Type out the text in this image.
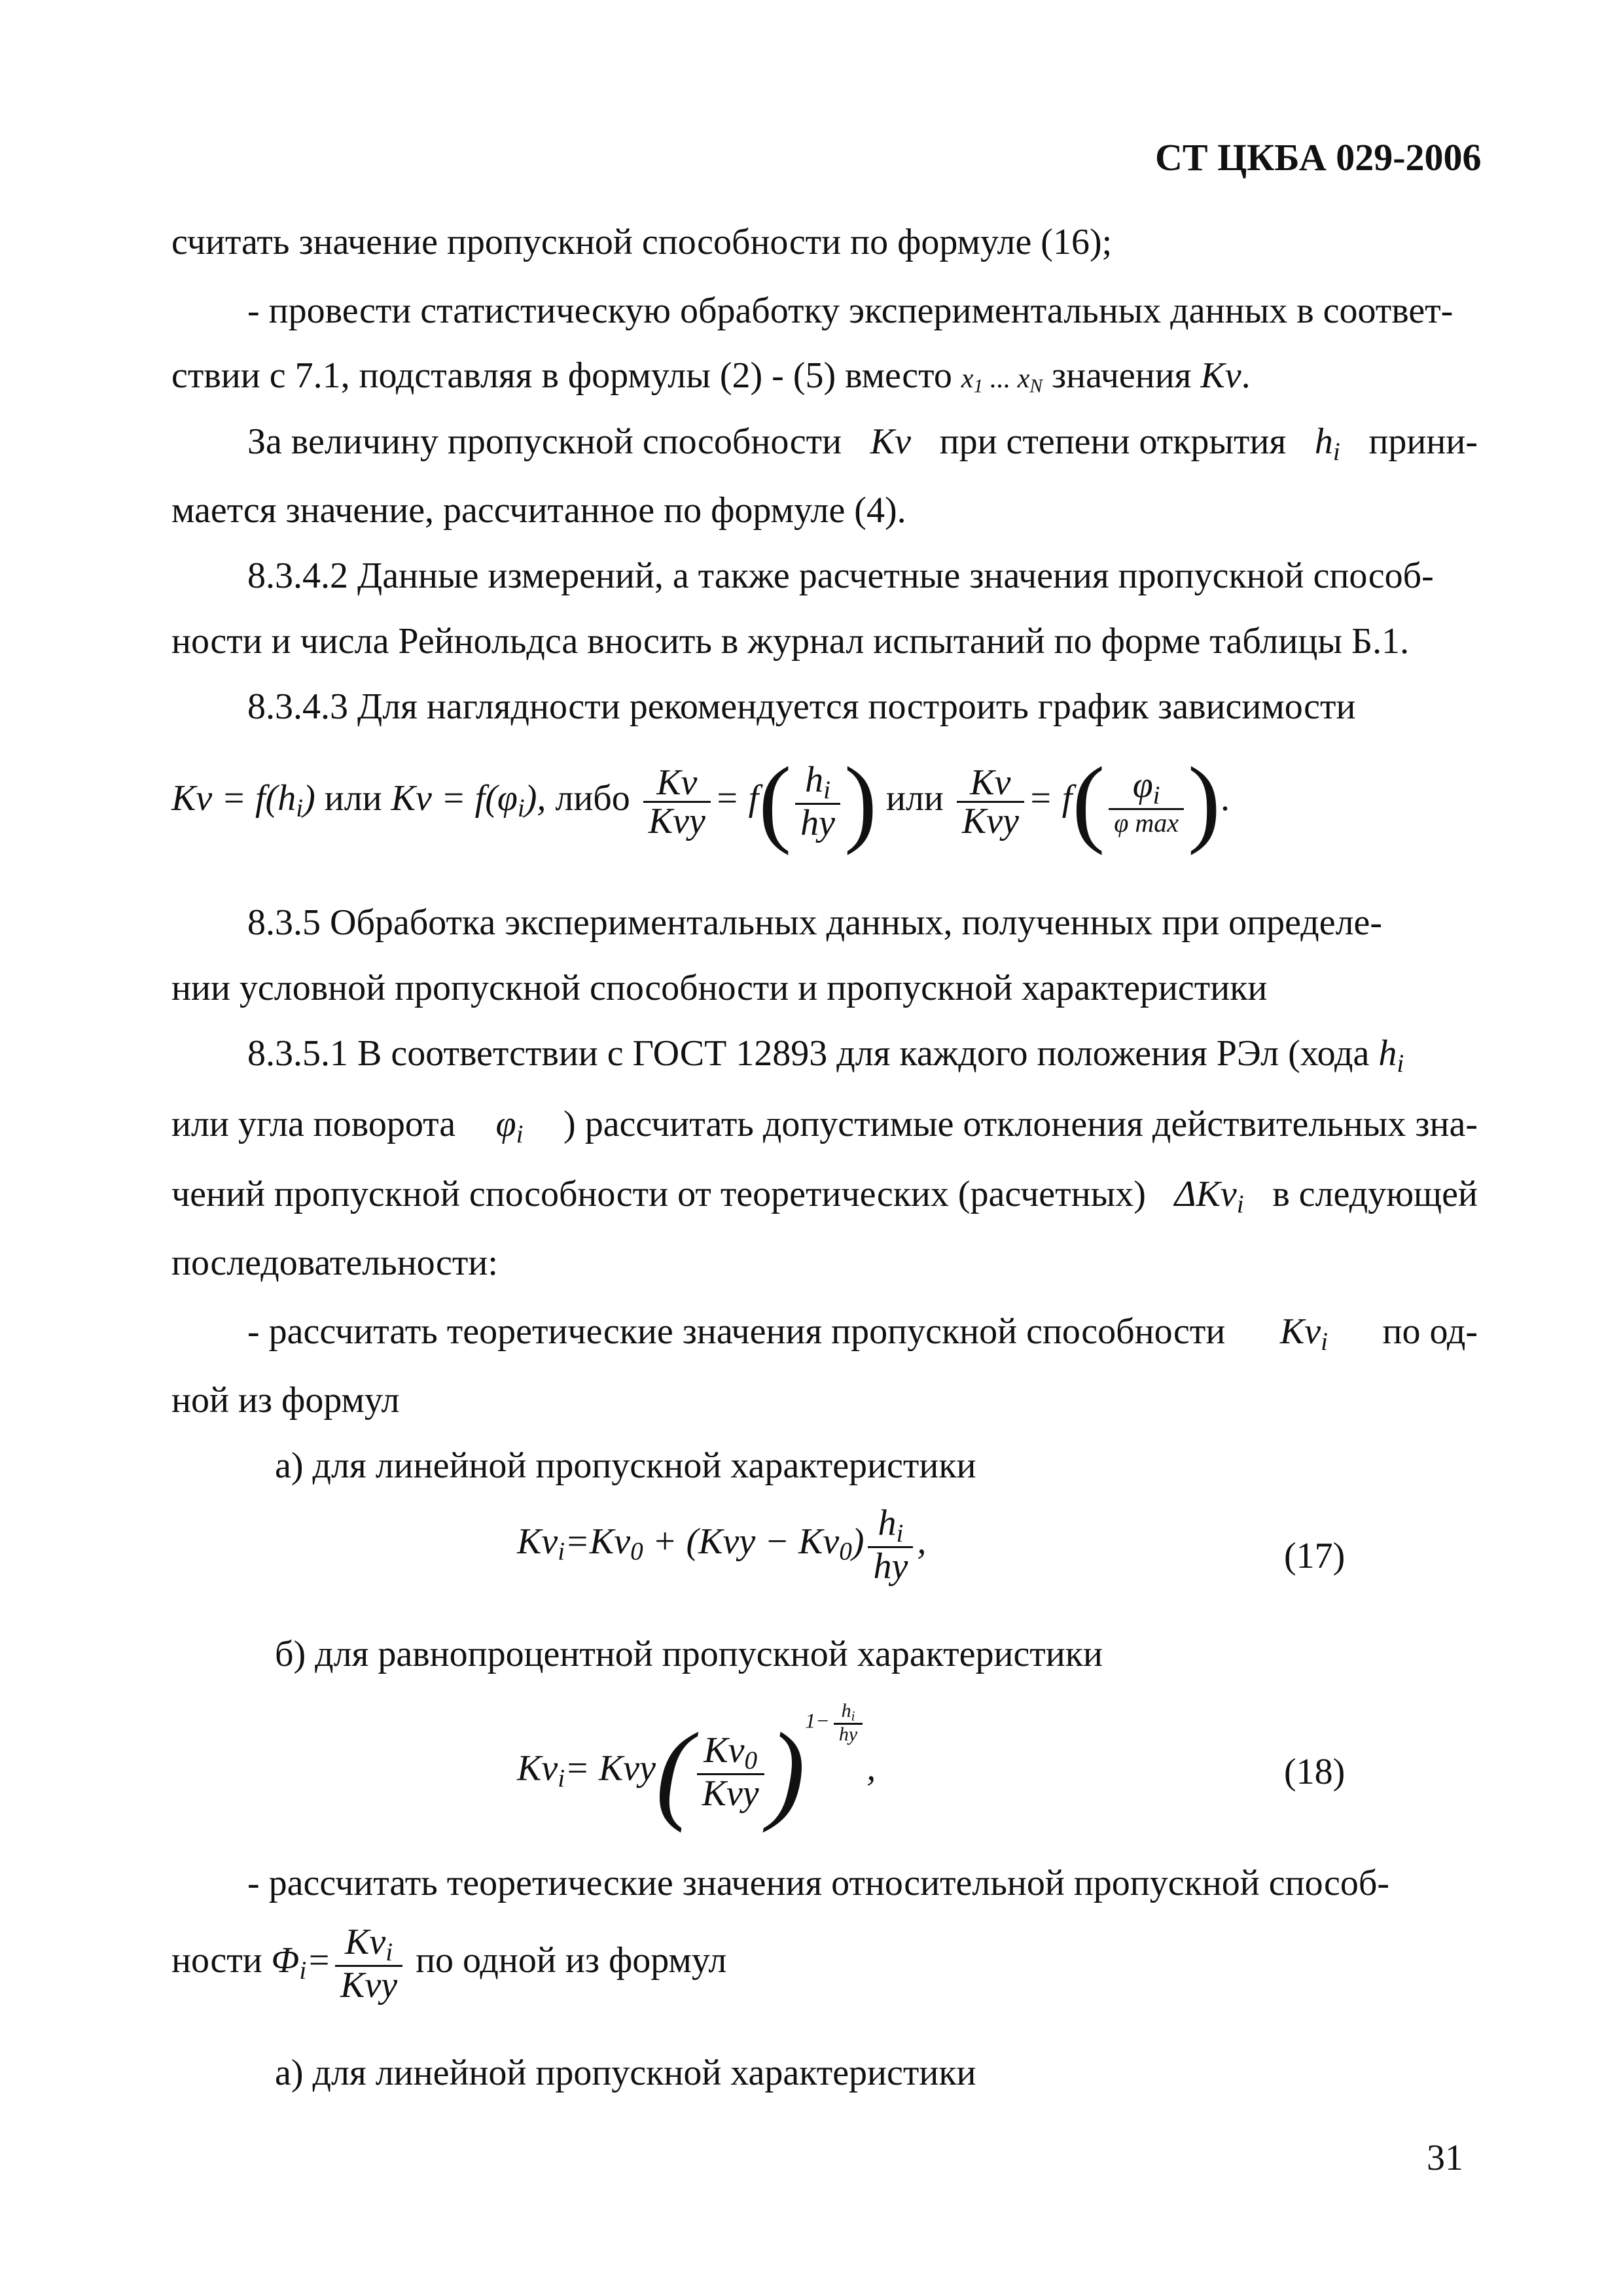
СТ ЦКБА 029-2006
считать значение пропускной способности по формуле (16);
- провести статистическую обработку экспериментальных данных в соответ-
ствии с 7.1, подставляя в формулы (2) - (5) вместо $x_1$ ... $x_N$ значения Kv.
За величину пропускной способности Kv при степени открытия $h_i$ прини-
мается значение, рассчитанное по формуле (4).
8.3.4.2 Данные измерений, а также расчетные значения пропускной способ-
ности и числа Рейнольдса вносить в журнал испытаний по форме таблицы Б.1.
8.3.4.3 Для наглядности рекомендуется построить график зависимости
$Kv = f(h_i)$ или $Kv = f(\varphi_i)$, либо $\frac{Kv}{\text{Kvy}} = f( \frac{h_i}{hy}$ ) или $\frac{Kv}{\text{Kvy}} = f( \frac{\varphi_i}{\text{φ max}}$ ).
8.3.5 Обработка экспериментальных данных, полученных при определе-
нии условной пропускной способности и пропускной характеристики
8.3.5.1 В соответствии с ГОСТ 12893 для каждого положения РЭл (хода $h_i$
или угла поворота $\varphi_i$ ) рассчитать допустимые отклонения действительных зна-
чений пропускной способности от теоретических (расчетных) ΔKv$_i$ в следующей
последовательности:
- рассчитать теоретические значения пропускной способности $Kv_i$ по од-
ной из формул
а) для линейной пропускной характеристики
$Kv_i=Kv_0 + (Kvy - Kv_0) \frac{h_i}{hy}$ ,	(17)
б) для равнопроцентной пропускной характеристики
$Kv_i= Kvy( \frac{Kv_0}{\text{Kvy}} )1- \frac{h_i}{hy}$
,	(18)
- рассчитать теоретические значения относительной пропускной способ-
ности $\Phi_i= \frac{Kv_i}{\text{Kvy}}$ по одной из формул
а) для линейной пропускной характеристики
31
